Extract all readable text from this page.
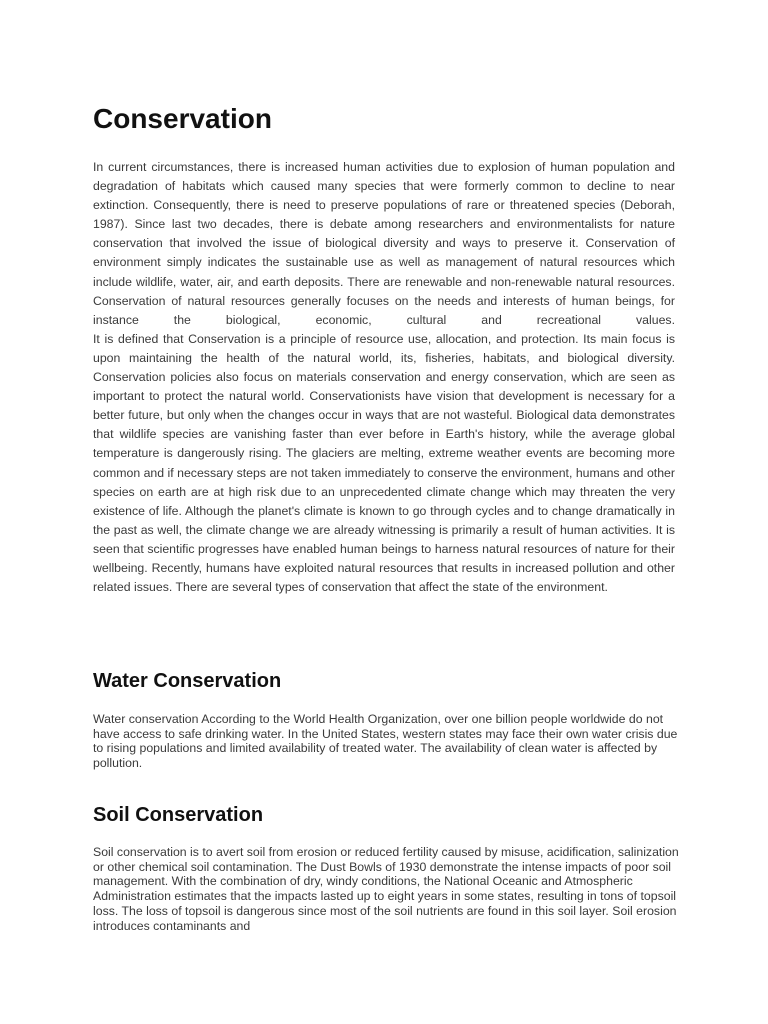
Conservation

In current circumstances, there is increased human activities due to explosion of human population and degradation of habitats which caused many species that were formerly common to decline to near extinction. Consequently, there is need to preserve populations of rare or threatened species (Deborah, 1987). Since last two decades, there is debate among researchers and environmentalists for nature conservation that involved the issue of biological diversity and ways to preserve it. Conservation of environment simply indicates the sustainable use as well as management of natural resources which include wildlife, water, air, and earth deposits. There are renewable and non-renewable natural resources. Conservation of natural resources generally focuses on the needs and interests of human beings, for instance the biological, economic, cultural and recreational values.

It is defined that Conservation is a principle of resource use, allocation, and protection. Its main focus is upon maintaining the health of the natural world, its, fisheries, habitats, and biological diversity. Conservation policies also focus on materials conservation and energy conservation, which are seen as important to protect the natural world. Conservationists have vision that development is necessary for a better future, but only when the changes occur in ways that are not wasteful. Biological data demonstrates that wildlife species are vanishing faster than ever before in Earth's history, while the average global temperature is dangerously rising. The glaciers are melting, extreme weather events are becoming more common and if necessary steps are not taken immediately to conserve the environment, humans and other species on earth are at high risk due to an unprecedented climate change which may threaten the very existence of life. Although the planet's climate is known to go through cycles and to change dramatically in the past as well, the climate change we are already witnessing is primarily a result of human activities. It is seen that scientific progresses have enabled human beings to harness natural resources of nature for their wellbeing. Recently, humans have exploited natural resources that results in increased pollution and other related issues. There are several types of conservation that affect the state of the environment.

Water Conservation

Water conservation According to the World Health Organization, over one billion people worldwide do not have access to safe drinking water. In the United States, western states may face their own water crisis due to rising populations and limited availability of treated water. The availability of clean water is affected by pollution.

Soil Conservation

Soil conservation is to avert soil from erosion or reduced fertility caused by misuse, acidification, salinization or other chemical soil contamination. The Dust Bowls of 1930 demonstrate the intense impacts of poor soil management. With the combination of dry, windy conditions, the National Oceanic and Atmospheric Administration estimates that the impacts lasted up to eight years in some states, resulting in tons of topsoil loss. The loss of topsoil is dangerous since most of the soil nutrients are found in this soil layer. Soil erosion introduces contaminants and
